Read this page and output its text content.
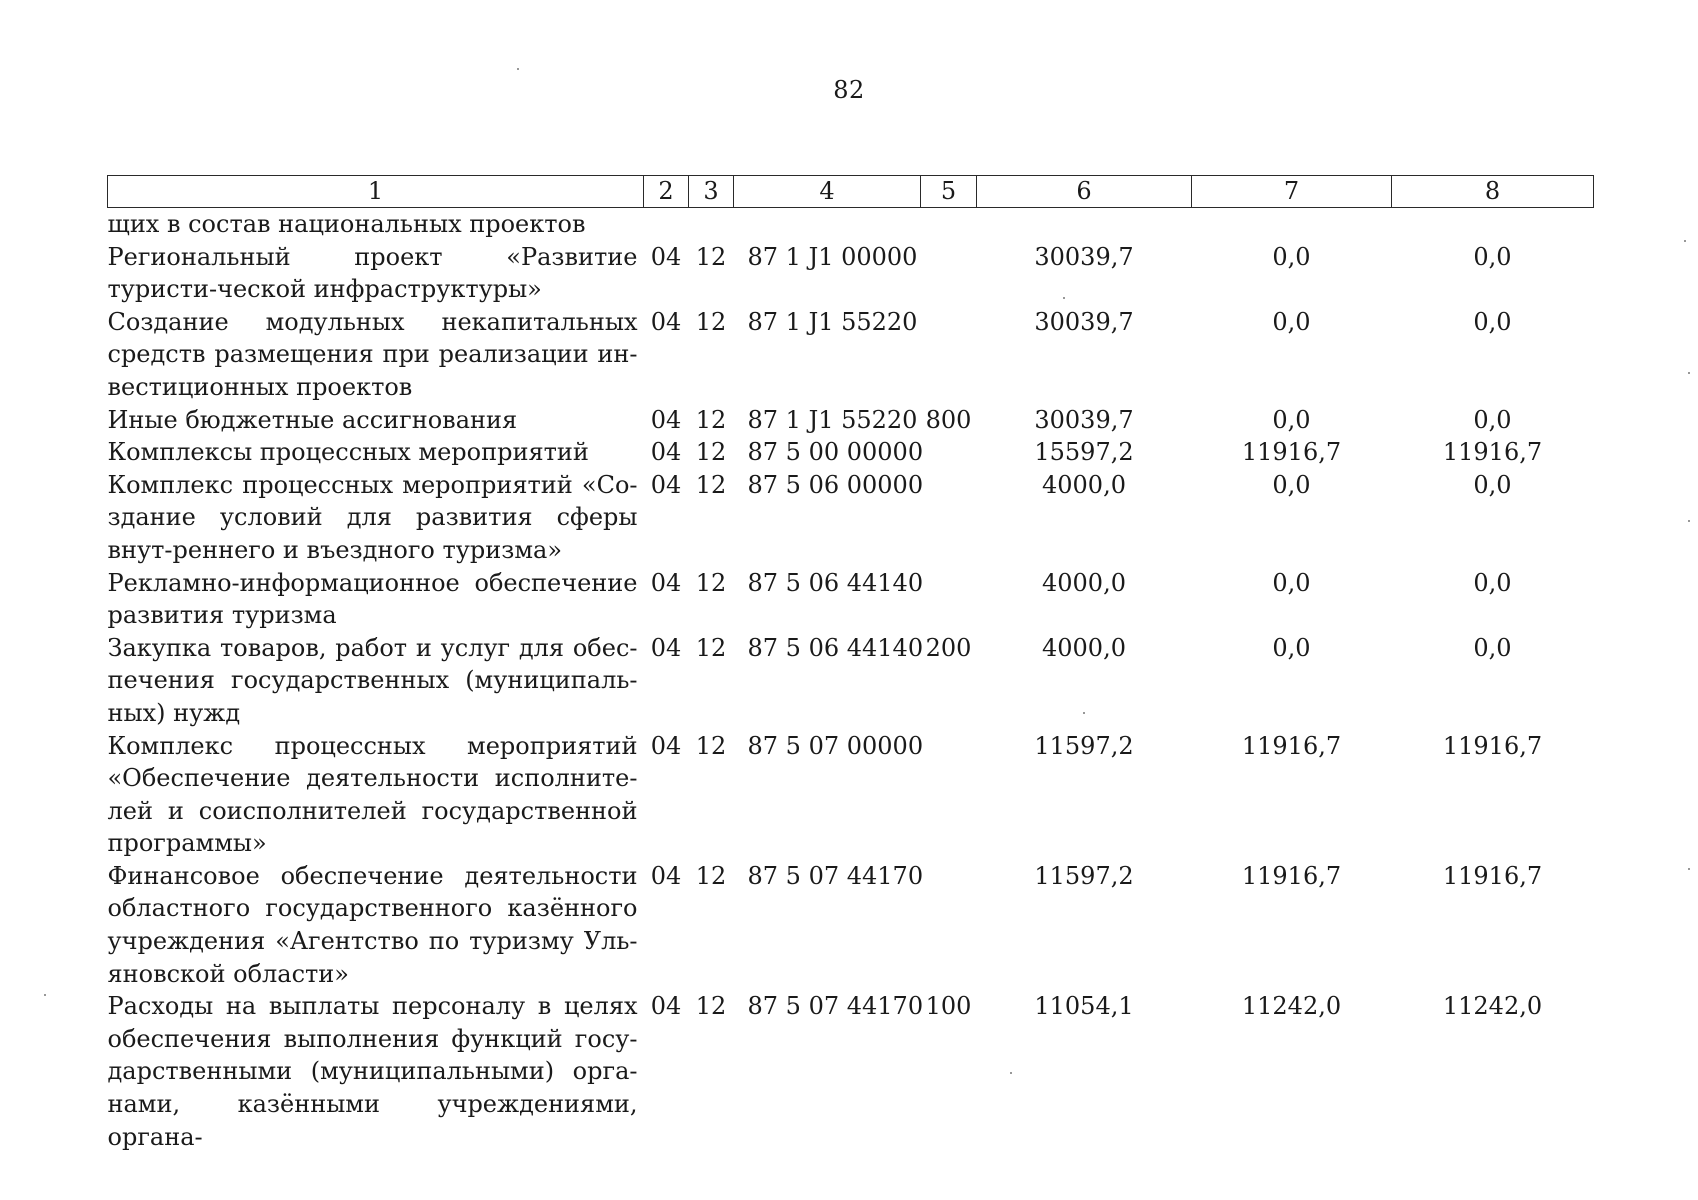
82
1	2	3	4	5	6	7	8
щих в состав национальных проектов							
Региональный проект «Развитие туристи-ческой инфраструктуры»	04	12	87 1 J1 00000		30039,7	0,0	0,0
Создание модульных некапитальных средств размещения при реализации ин-вестиционных проектов	04	12	87 1 J1 55220		30039,7	0,0	0,0
Иные бюджетные ассигнования	04	12	87 1 J1 55220	800	30039,7	0,0	0,0
Комплексы процессных мероприятий	04	12	87 5 00 00000		15597,2	11916,7	11916,7
Комплекс процессных мероприятий «Со-здание условий для развития сферы внут-реннего и въездного туризма»	04	12	87 5 06 00000		4000,0	0,0	0,0
Рекламно-информационное обеспечение развития туризма	04	12	87 5 06 44140		4000,0	0,0	0,0
Закупка товаров, работ и услуг для обес-печения государственных (муниципаль-ных) нужд	04	12	87 5 06 44140	200	4000,0	0,0	0,0
Комплекс процессных мероприятий «Обеспечение деятельности исполните-лей и соисполнителей государственной программы»	04	12	87 5 07 00000		11597,2	11916,7	11916,7
Финансовое обеспечение деятельности областного государственного казённого учреждения «Агентство по туризму Уль-яновской области»	04	12	87 5 07 44170		11597,2	11916,7	11916,7
Расходы на выплаты персоналу в целях обеспечения выполнения функций госу-дарственными (муниципальными) орга-нами, казёнными учреждениями, органа-	04	12	87 5 07 44170	100	11054,1	11242,0	11242,0
